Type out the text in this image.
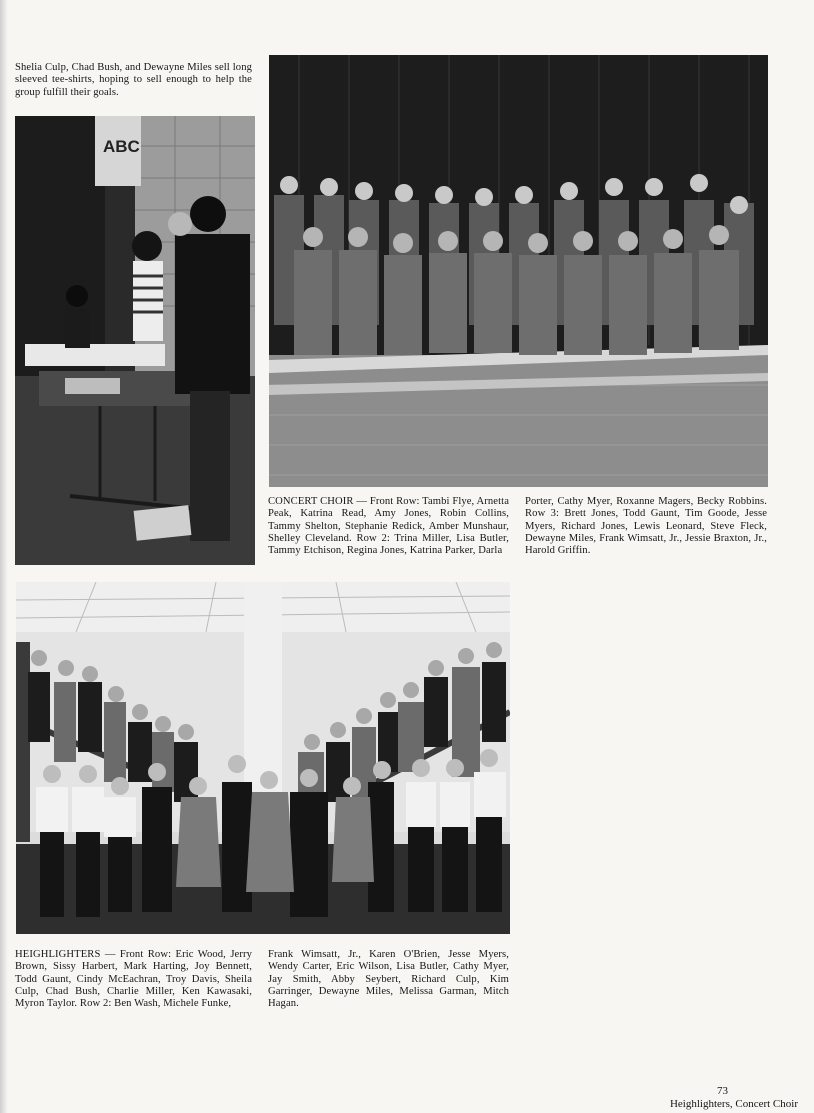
Shelia Culp, Chad Bush, and Dewayne Miles sell long sleeved tee-shirts, hoping to sell enough to help the group fulfill their goals.

ABC

CONCERT CHOIR — Front Row: Tambi Flye, Arnetta Peak, Katrina Read, Amy Jones, Robin Collins, Tammy Shelton, Stephanie Redick, Amber Munshaur, Shelley Cleveland. Row 2: Trina Miller, Lisa Butler, Tammy Etchison, Regina Jones, Katrina Parker, Darla

Porter, Cathy Myer, Roxanne Magers, Becky Robbins. Row 3: Brett Jones, Todd Gaunt, Tim Goode, Jesse Myers, Richard Jones, Lewis Leonard, Steve Fleck, Dewayne Miles, Frank Wimsatt, Jr., Jessie Braxton, Jr., Harold Griffin.

HEIGHLIGHTERS — Front Row: Eric Wood, Jerry Brown, Sissy Harbert, Mark Harting, Joy Bennett, Todd Gaunt, Cindy McEachran, Troy Davis, Sheila Culp, Chad Bush, Charlie Miller, Ken Kawasaki, Myron Taylor. Row 2: Ben Wash, Michele Funke,

Frank Wimsatt, Jr., Karen O'Brien, Jesse Myers, Wendy Carter, Eric Wilson, Lisa Butler, Cathy Myer, Jay Smith, Abby Seybert, Richard Culp, Kim Garringer, Dewayne Miles, Melissa Garman, Mitch Hagan.

73
Heighlighters, Concert Choir
